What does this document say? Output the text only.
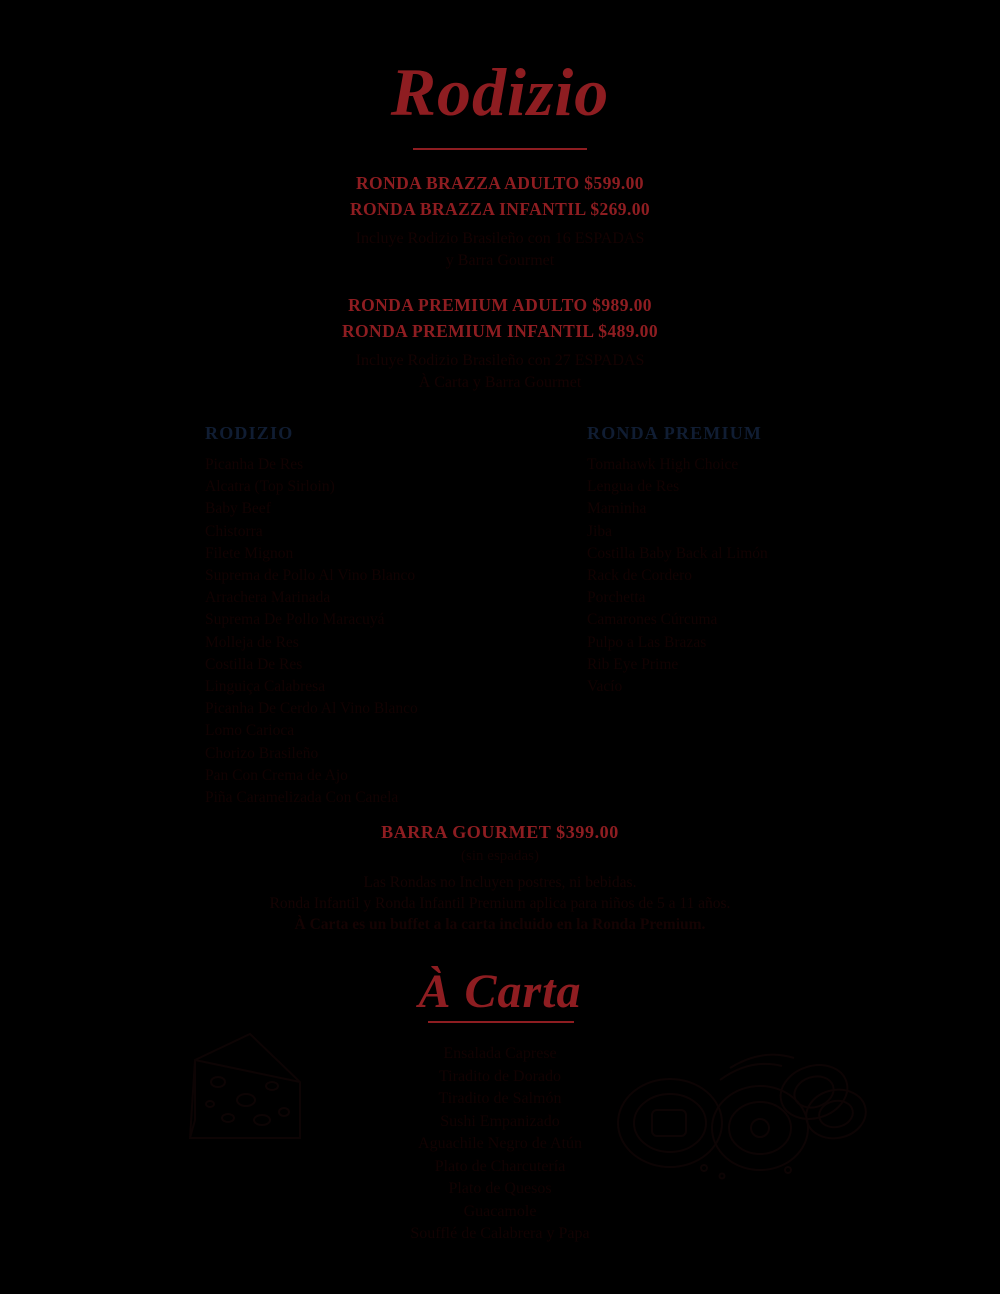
Rodizio
RONDA BRAZZA ADULTO $599.00
RONDA BRAZZA INFANTIL $269.00
Incluye Rodizio Brasileño con 16 ESPADAS
y Barra Gourmet
RONDA PREMIUM ADULTO $989.00
RONDA PREMIUM INFANTIL $489.00
Incluye Rodizio Brasileño con 27 ESPADAS
À Carta y Barra Gourmet
RODIZIO
Picanha De Res
Alcatra (Top Sirloin)
Baby Beef
Chistorra
Filete Mignon
Suprema de Pollo Al Vino Blanco
Arrachera Marinada
Suprema De Pollo Maracuyá
Molleja de Res
Costilla De Res
Linguiça Calabresa
Picanha De Cerdo Al Vino Blanco
Lomo Carioca
Chorizo Brasileño
Pan Con Crema de Ajo
Piña Caramelizada Con Canela
RONDA PREMIUM
Tomahawk High Choice
Lengua de Res
Maminha
Jiba
Costilla Baby Back al Limón
Rack de Cordero
Porchetta
Camarones Cúrcuma
Pulpo a Las Brazas
Rib Eye Prime
Vacío
BARRA GOURMET $399.00
(sin espadas)
Las Rondas no Incluyen postres, ni bebidas.
Ronda Infantil y Ronda Infantil Premium aplica para niños de 5 a 11 años.
À Carta es un buffet a la carta incluido en la Ronda Premium.
À Carta
Ensalada Caprese
Tiradito de Dorado
Tiradito de Salmón
Sushi Empanizado
Aguachile Negro de Atún
Plato de Charcutería
Plato de Quesos
Guacamole
Soufflé de Calabrera y Papa
